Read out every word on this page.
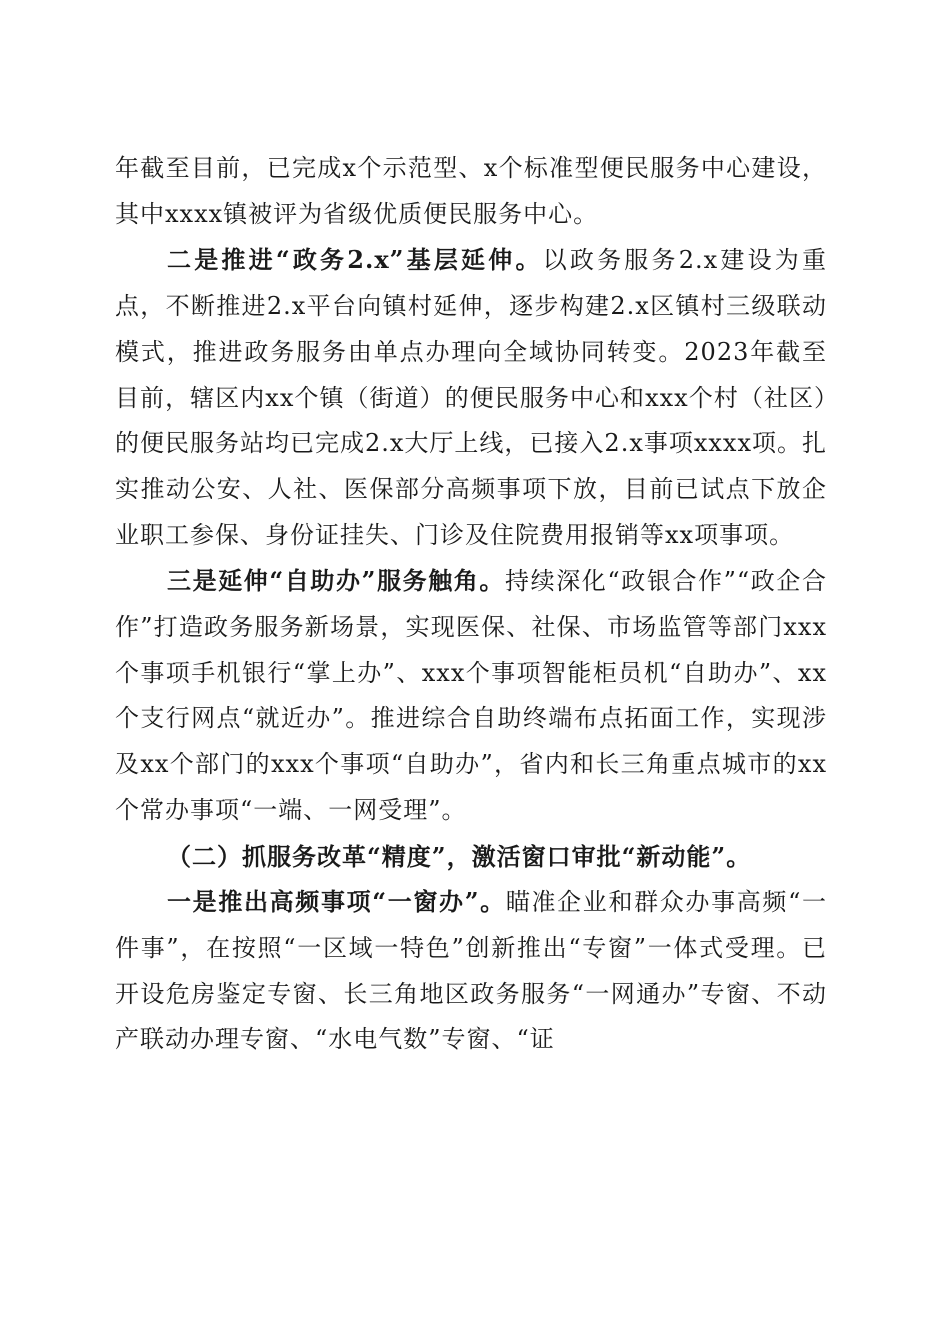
年截至目前，已完成x个示范型、x个标准型便民服务中心建设，其中xxxx镇被评为省级优质便民服务中心。

二是推进“政务2.x”基层延伸。以政务服务2.x建设为重点，不断推进2.x平台向镇村延伸，逐步构建2.x区镇村三级联动模式，推进政务服务由单点办理向全域协同转变。2023年截至目前，辖区内xx个镇（街道）的便民服务中心和xxx个村（社区）的便民服务站均已完成2.x大厅上线，已接入2.x事项xxxx项。扎实推动公安、人社、医保部分高频事项下放，目前已试点下放企业职工参保、身份证挂失、门诊及住院费用报销等xx项事项。

三是延伸“自助办”服务触角。持续深化“政银合作”“政企合作”打造政务服务新场景，实现医保、社保、市场监管等部门xxx个事项手机银行“掌上办”、xxx个事项智能柜员机“自助办”、xx个支行网点“就近办”。推进综合自助终端布点拓面工作，实现涉及xx个部门的xxx个事项“自助办”，省内和长三角重点城市的xx个常办事项“一端、一网受理”。

（二）抓服务改革“精度”，激活窗口审批“新动能”。

一是推出高频事项“一窗办”。瞄准企业和群众办事高频“一件事”，在按照“一区域一特色”创新推出“专窗”一体式受理。已开设危房鉴定专窗、长三角地区政务服务“一网通办”专窗、不动产联动办理专窗、“水电气数”专窗、“证
